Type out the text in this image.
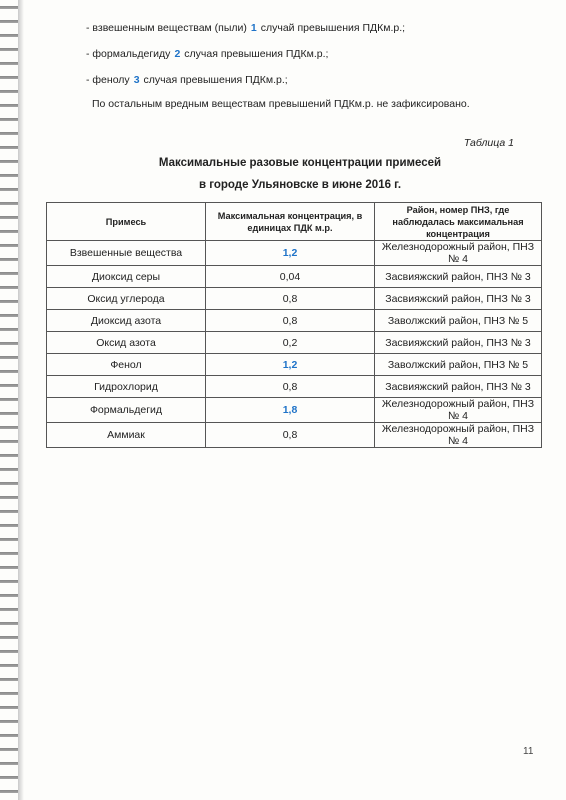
- взвешенным веществам (пыли) 1 случай превышения ПДКм.р.;
- формальдегиду 2 случая превышения ПДКм.р.;
- фенолу 3 случая превышения ПДКм.р.;
По остальным вредным веществам превышений ПДКм.р. не зафиксировано.
Таблица 1
Максимальные разовые концентрации примесей
в городе Ульяновске в июне 2016 г.
Примесь	Максимальная концентрация, в единицах ПДК м.р.	Район, номер ПНЗ, где наблюдалась максимальная концентрация
Взвешенные вещества	1,2	Железнодорожный район, ПНЗ № 4
Диоксид серы	0,04	Засвияжский район, ПНЗ № 3
Оксид углерода	0,8	Засвияжский район, ПНЗ № 3
Диоксид азота	0,8	Заволжский район, ПНЗ № 5
Оксид азота	0,2	Засвияжский район, ПНЗ № 3
Фенол	1,2	Заволжский район, ПНЗ № 5
Гидрохлорид	0,8	Засвияжский район, ПНЗ № 3
Формальдегид	1,8	Железнодорожный район, ПНЗ № 4
Аммиак	0,8	Железнодорожный район, ПНЗ № 4
11
